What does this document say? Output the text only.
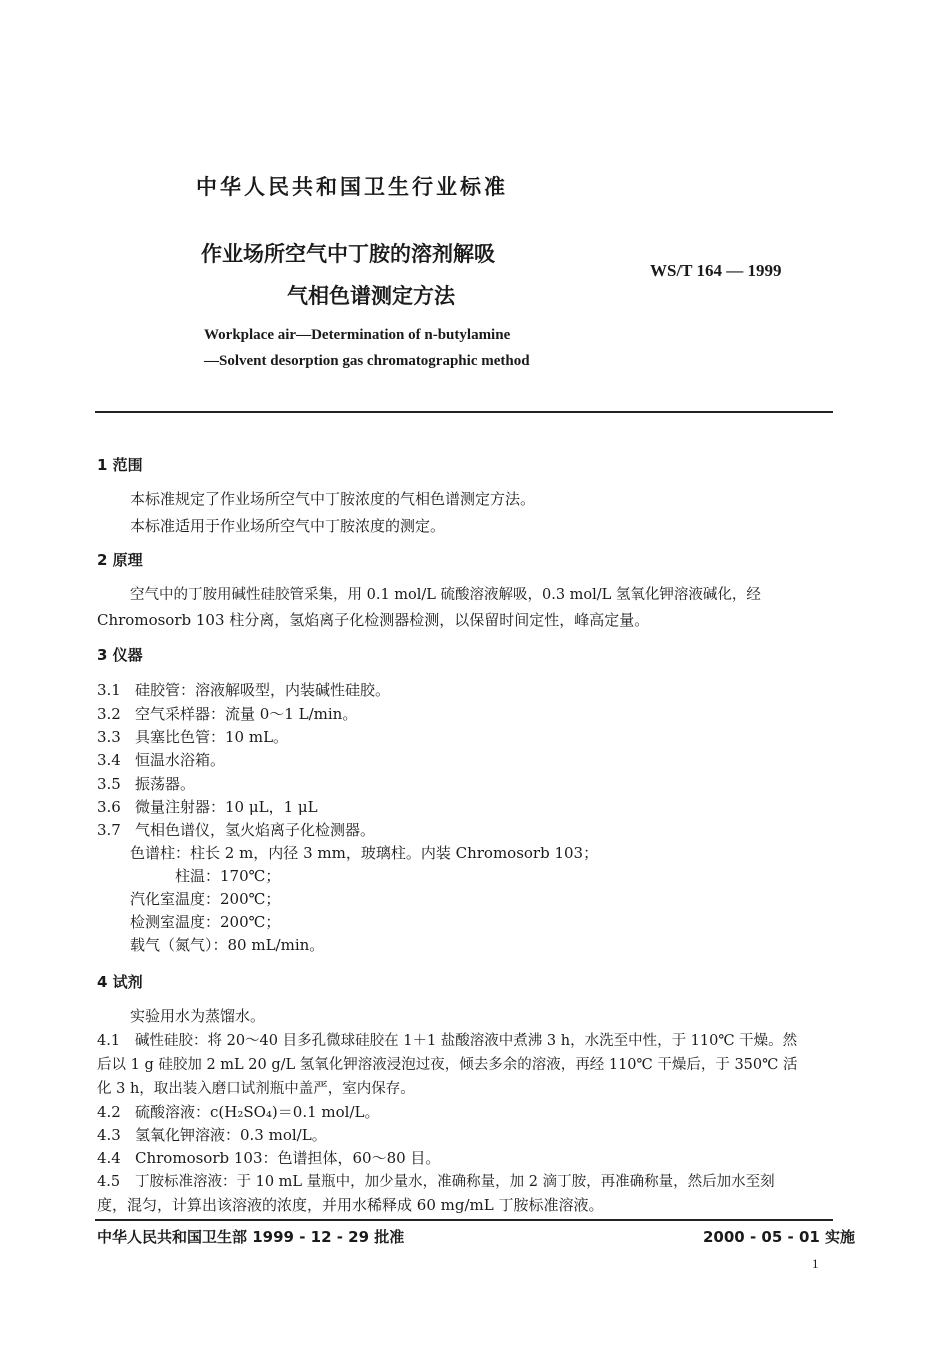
中华人民共和国卫生行业标准
作业场所空气中丁胺的溶剂解吸
气相色谱测定方法
WS/T 164 — 1999
Workplace air—Determination of n-butylamine
—Solvent desorption gas chromatographic method
1 范围
本标准规定了作业场所空气中丁胺浓度的气相色谱测定方法。
本标准适用于作业场所空气中丁胺浓度的测定。
2 原理
空气中的丁胺用碱性硅胶管采集，用 0.1 mol/L 硫酸溶液解吸，0.3 mol/L 氢氧化钾溶液碱化，经
Chromosorb 103 柱分离，氢焰离子化检测器检测，以保留时间定性，峰高定量。
3 仪器
3.1 硅胶管：溶液解吸型，内装碱性硅胶。
3.2 空气采样器：流量 0～1 L/min。
3.3 具塞比色管：10 mL。
3.4 恒温水浴箱。
3.5 振荡器。
3.6 微量注射器：10 μL，1 μL
3.7 气相色谱仪，氢火焰离子化检测器。
色谱柱：柱长 2 m，内径 3 mm，玻璃柱。内装 Chromosorb 103；
柱温：170℃；
汽化室温度：200℃；
检测室温度：200℃；
载气（氮气）：80 mL/min。
4 试剂
实验用水为蒸馏水。
4.1 碱性硅胶：将 20～40 目多孔微球硅胶在 1＋1 盐酸溶液中煮沸 3 h，水洗至中性，于 110℃ 干燥。然
后以 1 g 硅胶加 2 mL 20 g/L 氢氧化钾溶液浸泡过夜，倾去多余的溶液，再经 110℃ 干燥后，于 350℃ 活
化 3 h，取出装入磨口试剂瓶中盖严，室内保存。
4.2 硫酸溶液：c(H₂SO₄)＝0.1 mol/L。
4.3 氢氧化钾溶液：0.3 mol/L。
4.4 Chromosorb 103：色谱担体，60～80 目。
4.5 丁胺标准溶液：于 10 mL 量瓶中，加少量水，准确称量，加 2 滴丁胺，再准确称量，然后加水至刻
度，混匀，计算出该溶液的浓度，并用水稀释成 60 mg/mL 丁胺标准溶液。
中华人民共和国卫生部 1999 - 12 - 29 批准	2000 - 05 - 01 实施
1
